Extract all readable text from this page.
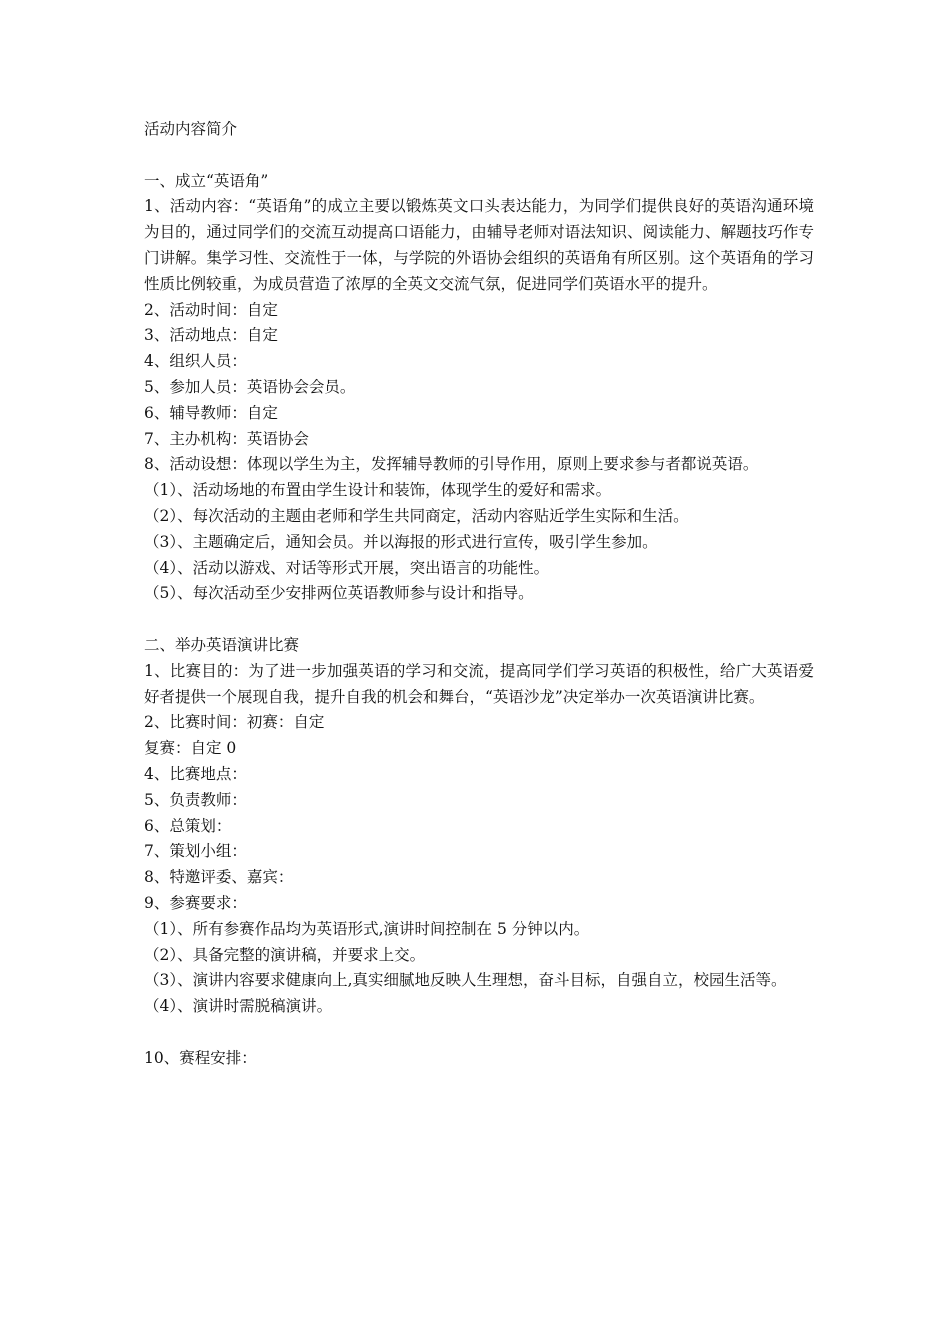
活动内容简介

一、成立“英语角”

1、活动内容：“英语角”的成立主要以锻炼英文口头表达能力，为同学们提供良好的英语沟通环境为目的，通过同学们的交流互动提高口语能力，由辅导老师对语法知识、阅读能力、解题技巧作专门讲解。集学习性、交流性于一体，与学院的外语协会组织的英语角有所区别。这个英语角的学习性质比例较重，为成员营造了浓厚的全英文交流气氛，促进同学们英语水平的提升。

2、活动时间：自定

3、活动地点：自定

4、组织人员：

5、参加人员：英语协会会员。

6、辅导教师：自定

7、主办机构：英语协会

8、活动设想：体现以学生为主，发挥辅导教师的引导作用，原则上要求参与者都说英语。

（1）、活动场地的布置由学生设计和装饰，体现学生的爱好和需求。

（2）、每次活动的主题由老师和学生共同商定，活动内容贴近学生实际和生活。

（3）、主题确定后，通知会员。并以海报的形式进行宣传，吸引学生参加。

（4）、活动以游戏、对话等形式开展，突出语言的功能性。

（5）、每次活动至少安排两位英语教师参与设计和指导。

二、举办英语演讲比赛

1、比赛目的：为了进一步加强英语的学习和交流，提高同学们学习英语的积极性，给广大英语爱好者提供一个展现自我，提升自我的机会和舞台，“英语沙龙”决定举办一次英语演讲比赛。

2、比赛时间：初赛：自定

复赛：自定 0

4、比赛地点：

5、负责教师：

6、总策划：

7、策划小组：

8、特邀评委、嘉宾：

9、参赛要求：

（1）、所有参赛作品均为英语形式,演讲时间控制在 5 分钟以内。

（2）、具备完整的演讲稿，并要求上交。

（3）、演讲内容要求健康向上,真实细腻地反映人生理想，奋斗目标，自强自立，校园生活等。

（4）、演讲时需脱稿演讲。

10、赛程安排：
